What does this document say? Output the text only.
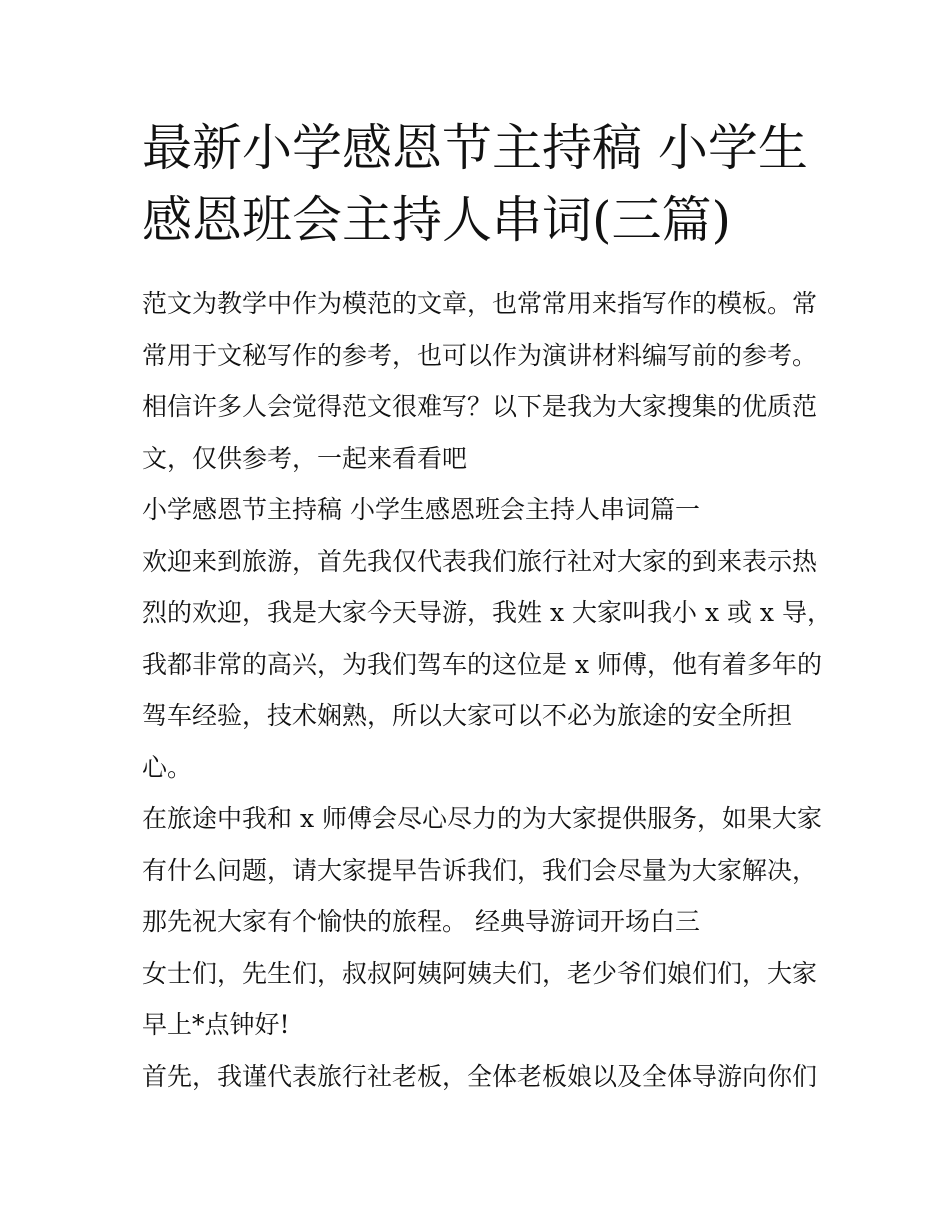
最新小学感恩节主持稿 小学生
感恩班会主持人串词(三篇)
范文为教学中作为模范的文章，也常常用来指写作的模板。常
常用于文秘写作的参考，也可以作为演讲材料编写前的参考。
相信许多人会觉得范文很难写？以下是我为大家搜集的优质范
文，仅供参考，一起来看看吧
小学感恩节主持稿 小学生感恩班会主持人串词篇一
欢迎来到旅游，首先我仅代表我们旅行社对大家的到来表示热
烈的欢迎，我是大家今天导游，我姓 x 大家叫我小 x 或 x 导，
我都非常的高兴，为我们驾车的这位是 x 师傅，他有着多年的
驾车经验，技术娴熟，所以大家可以不必为旅途的安全所担
心。
在旅途中我和 x 师傅会尽心尽力的为大家提供服务，如果大家
有什么问题，请大家提早告诉我们，我们会尽量为大家解决，
那先祝大家有个愉快的旅程。 经典导游词开场白三
女士们，先生们，叔叔阿姨阿姨夫们，老少爷们娘们们，大家
早上*点钟好!
首先，我谨代表旅行社老板，全体老板娘以及全体导游向你们
